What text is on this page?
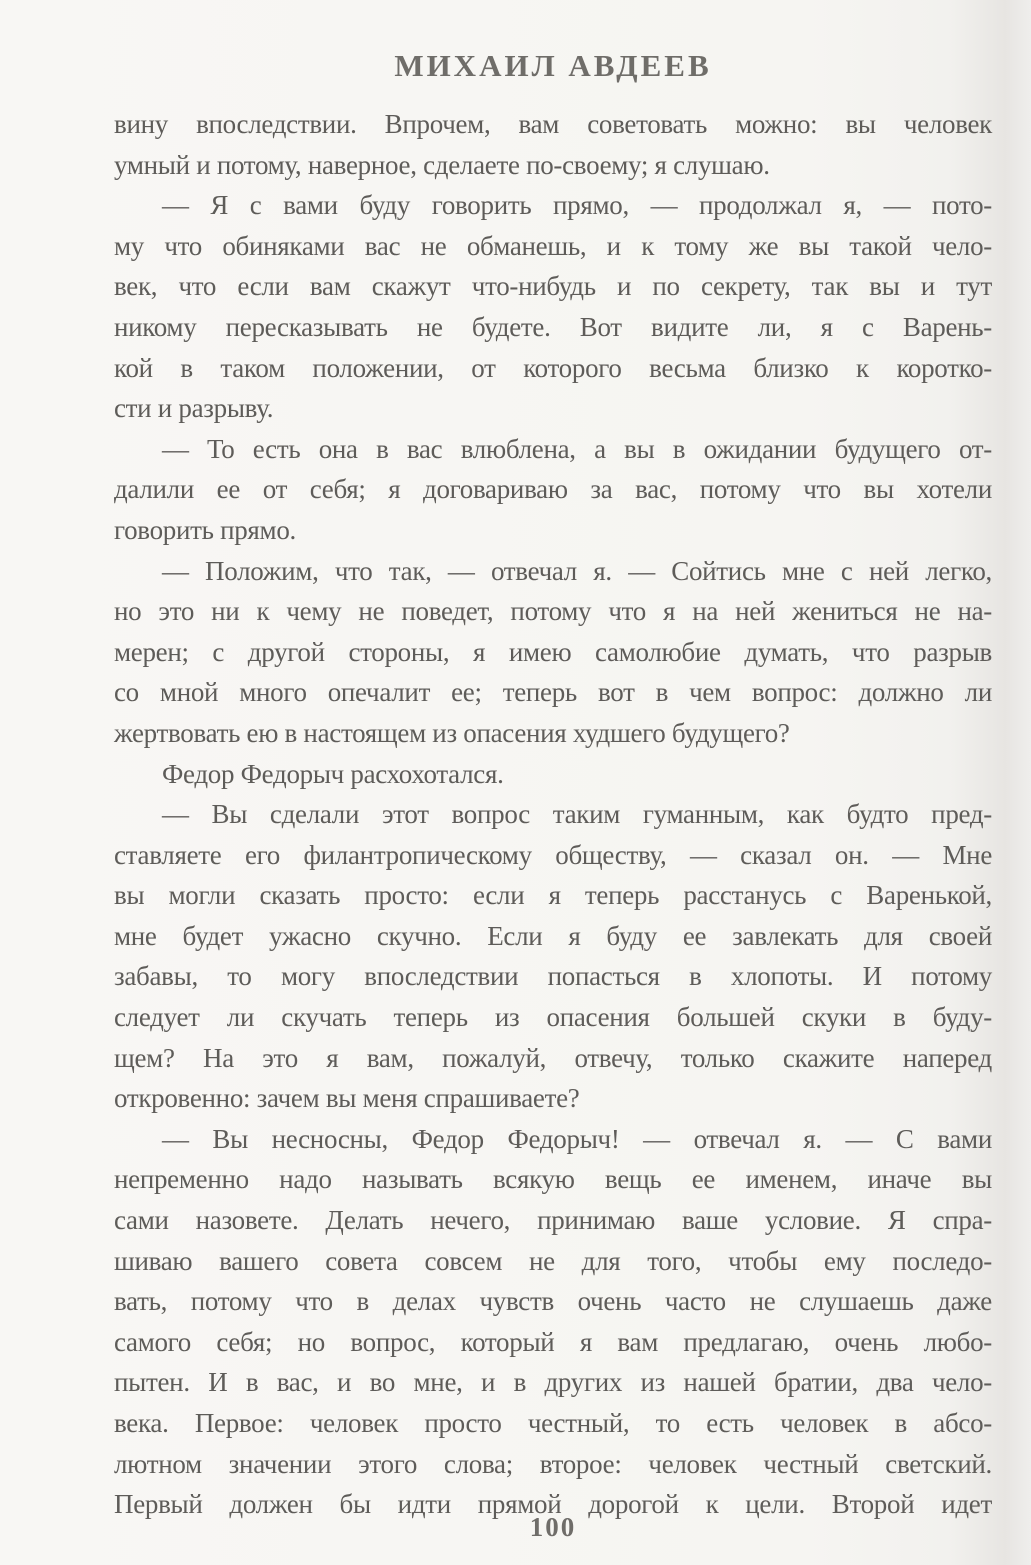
МИХАИЛ АВДЕЕВ
вину впоследствии. Впрочем, вам советовать можно: вы человек
умный и потому, наверное, сделаете по-своему; я слушаю.
— Я с вами буду говорить прямо, — продолжал я, — пото-
му что обиняками вас не обманешь, и к тому же вы такой чело-
век, что если вам скажут что-нибудь и по секрету, так вы и тут
никому пересказывать не будете. Вот видите ли, я с Варень-
кой в таком положении, от которого весьма близко к коротко-
сти и разрыву.
— То есть она в вас влюблена, а вы в ожидании будущего от-
далили ее от себя; я договариваю за вас, потому что вы хотели
говорить прямо.
— Положим, что так, — отвечал я. — Сойтись мне с ней легко,
но это ни к чему не поведет, потому что я на ней жениться не на-
мерен; с другой стороны, я имею самолюбие думать, что разрыв
со мной много опечалит ее; теперь вот в чем вопрос: должно ли
жертвовать ею в настоящем из опасения худшего будущего?
Федор Федорыч расхохотался.
— Вы сделали этот вопрос таким гуманным, как будто пред-
ставляете его филантропическому обществу, — сказал он. — Мне
вы могли сказать просто: если я теперь расстанусь с Варенькой,
мне будет ужасно скучно. Если я буду ее завлекать для своей
забавы, то могу впоследствии попасться в хлопоты. И потому
следует ли скучать теперь из опасения большей скуки в буду-
щем? На это я вам, пожалуй, отвечу, только скажите наперед
откровенно: зачем вы меня спрашиваете?
— Вы несносны, Федор Федорыч! — отвечал я. — С вами
непременно надо называть всякую вещь ее именем, иначе вы
сами назовете. Делать нечего, принимаю ваше условие. Я спра-
шиваю вашего совета совсем не для того, чтобы ему последо-
вать, потому что в делах чувств очень часто не слушаешь даже
самого себя; но вопрос, который я вам предлагаю, очень любо-
пытен. И в вас, и во мне, и в других из нашей братии, два чело-
века. Первое: человек просто честный, то есть человек в абсо-
лютном значении этого слова; второе: человек честный светский.
Первый должен бы идти прямой дорогой к цели. Второй идет
100
